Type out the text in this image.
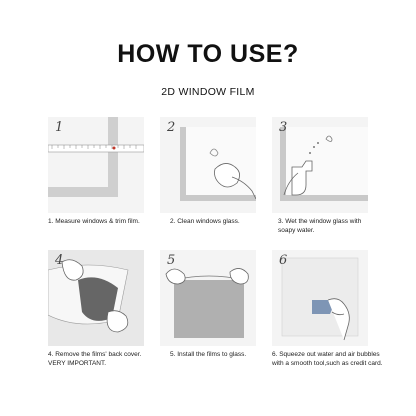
HOW TO USE?
2D WINDOW FILM
1
1. Measure windows & trim film.
2
2. Clean windows glass.
3
3. Wet the window glass with soapy water.
4
4. Remove the films' back cover. VERY IMPORTANT.
5
5. Install the films to glass.
6
6. Squeeze out water and air bubbles with a smooth tool,such as credit card.
